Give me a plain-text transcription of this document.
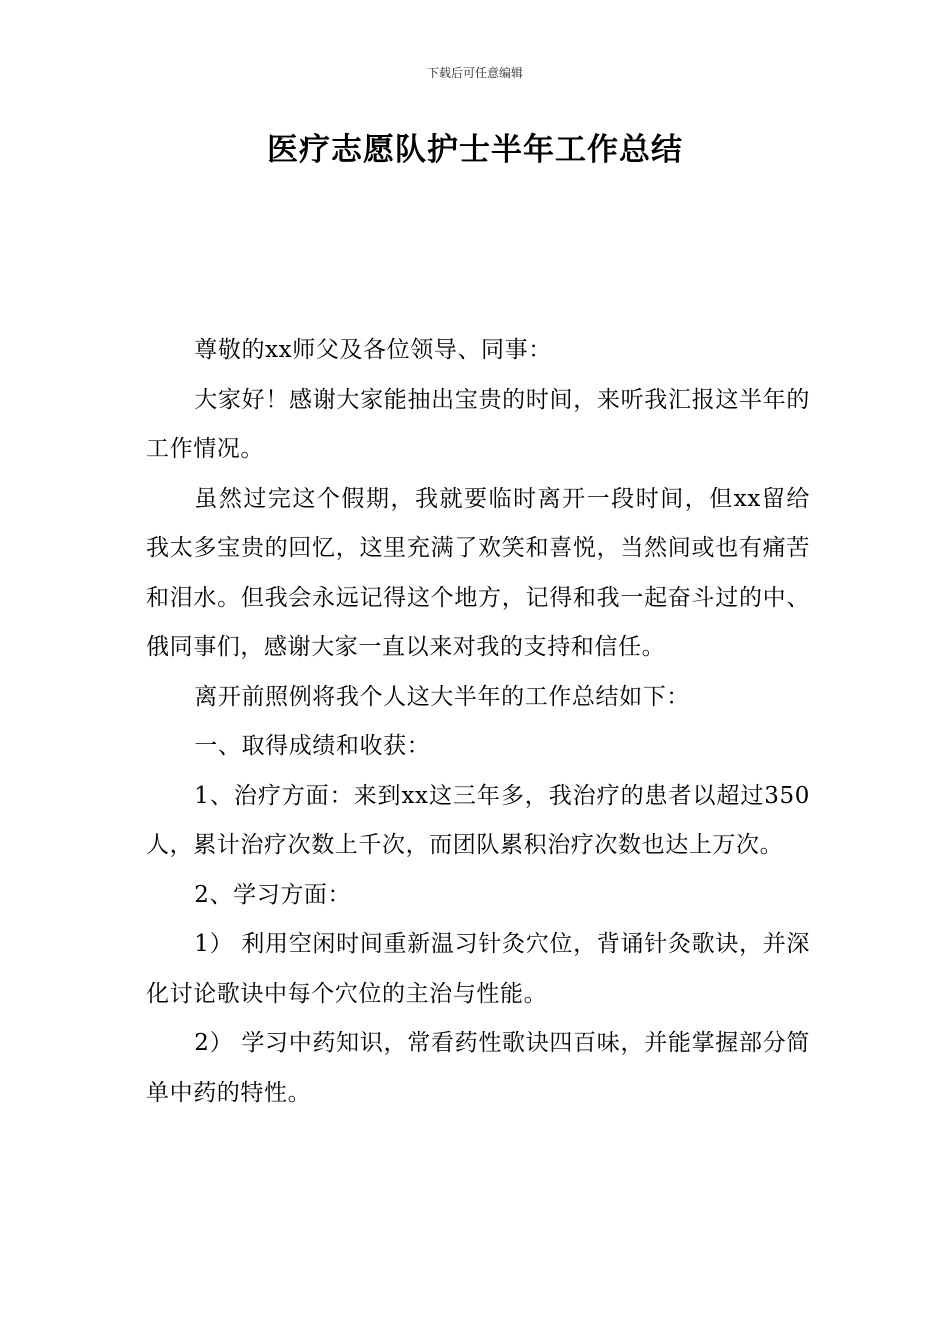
下载后可任意编辑
医疗志愿队护士半年工作总结

尊敬的xx师父及各位领导、同事：

大家好！感谢大家能抽出宝贵的时间，来听我汇报这半年的工作情况。

虽然过完这个假期，我就要临时离开一段时间，但xx留给我太多宝贵的回忆，这里充满了欢笑和喜悦，当然间或也有痛苦和泪水。但我会永远记得这个地方，记得和我一起奋斗过的中、俄同事们，感谢大家一直以来对我的支持和信任。

离开前照例将我个人这大半年的工作总结如下：

一、取得成绩和收获：

1、治疗方面：来到xx这三年多，我治疗的患者以超过350人，累计治疗次数上千次，而团队累积治疗次数也达上万次。

2、学习方面：

1） 利用空闲时间重新温习针灸穴位，背诵针灸歌诀，并深化讨论歌诀中每个穴位的主治与性能。

2） 学习中药知识，常看药性歌诀四百味，并能掌握部分简单中药的特性。
